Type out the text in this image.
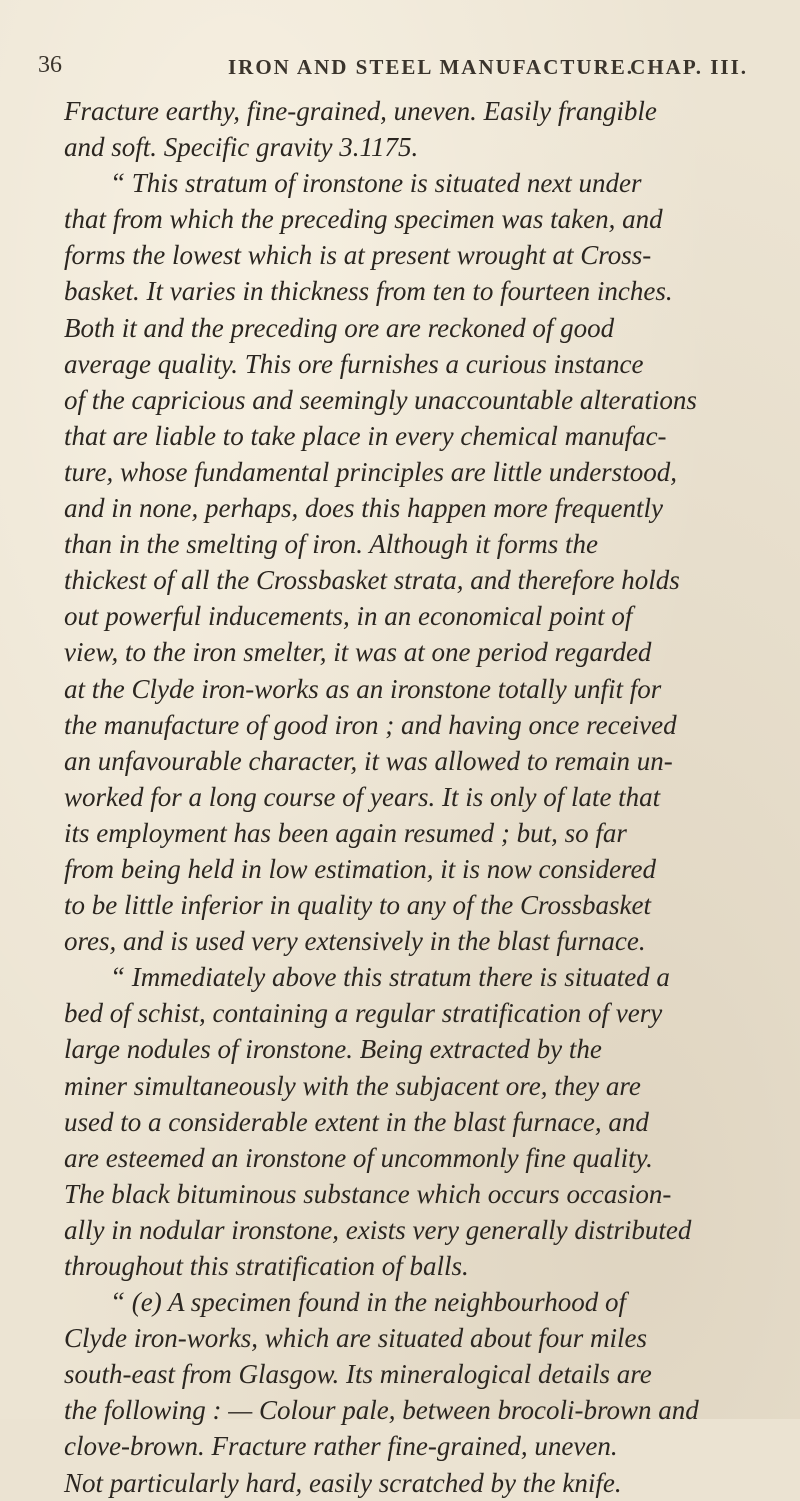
36	IRON AND STEEL MANUFACTURE.
CHAP. III.
Fracture earthy, fine-grained, uneven. Easily frangible
and soft. Specific gravity 3.1175.
“ This stratum of ironstone is situated next under
that from which the preceding specimen was taken, and
forms the lowest which is at present wrought at Cross-
basket. It varies in thickness from ten to fourteen inches.
Both it and the preceding ore are reckoned of good
average quality. This ore furnishes a curious instance
of the capricious and seemingly unaccountable alterations
that are liable to take place in every chemical manufac-
ture, whose fundamental principles are little understood,
and in none, perhaps, does this happen more frequently
than in the smelting of iron. Although it forms the
thickest of all the Crossbasket strata, and therefore holds
out powerful inducements, in an economical point of
view, to the iron smelter, it was at one period regarded
at the Clyde iron-works as an ironstone totally unfit for
the manufacture of good iron ; and having once received
an unfavourable character, it was allowed to remain un-
worked for a long course of years. It is only of late that
its employment has been again resumed ; but, so far
from being held in low estimation, it is now considered
to be little inferior in quality to any of the Crossbasket
ores, and is used very extensively in the blast furnace.
“ Immediately above this stratum there is situated a
bed of schist, containing a regular stratification of very
large nodules of ironstone. Being extracted by the
miner simultaneously with the subjacent ore, they are
used to a considerable extent in the blast furnace, and
are esteemed an ironstone of uncommonly fine quality.
The black bituminous substance which occurs occasion-
ally in nodular ironstone, exists very generally distributed
throughout this stratification of balls.
“ (e) A specimen found in the neighbourhood of
Clyde iron-works, which are situated about four miles
south-east from Glasgow. Its mineralogical details are
the following : — Colour pale, between brocoli-brown and
clove-brown. Fracture rather fine-grained, uneven.
Not particularly hard, easily scratched by the knife.
